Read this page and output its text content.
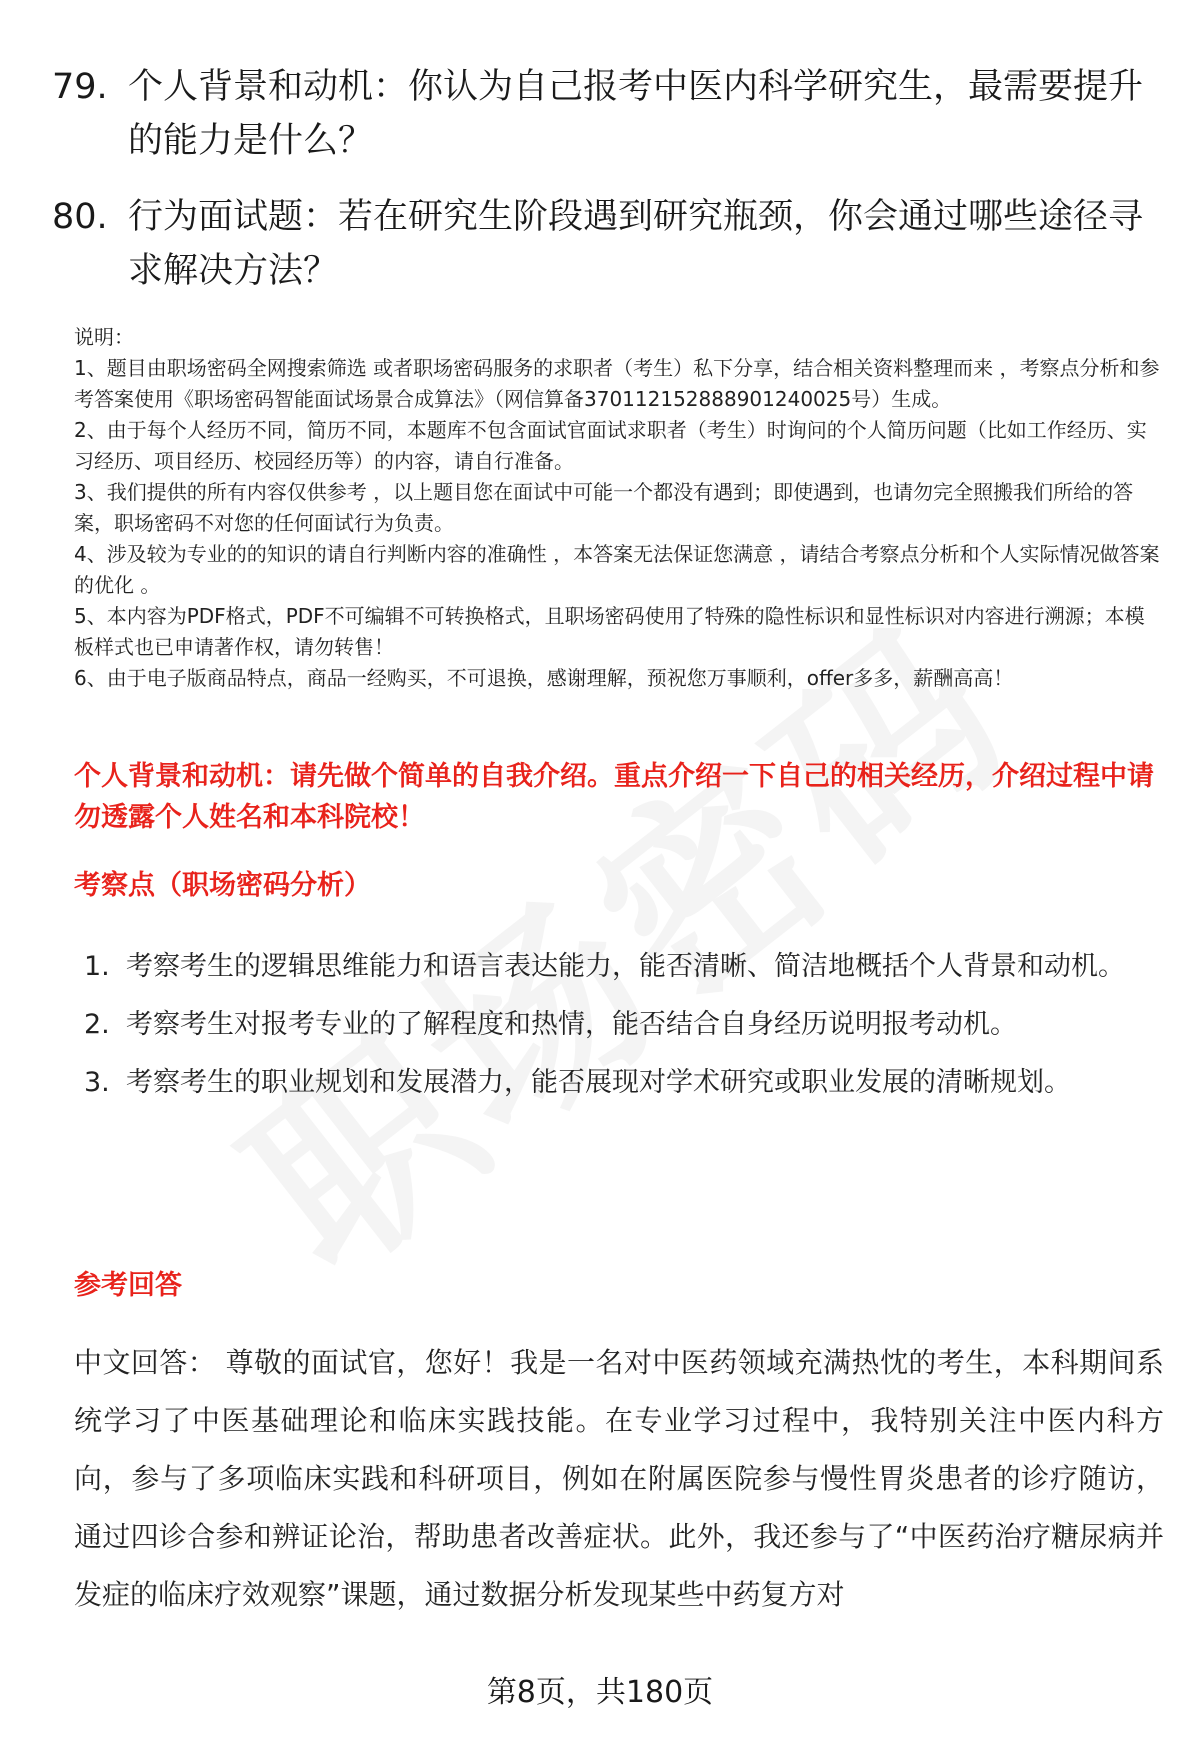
79. 个人背景和动机：你认为自己报考中医内科学研究生，最需要提升的能力是什么？
80. 行为面试题：若在研究生阶段遇到研究瓶颈，你会通过哪些途径寻求解决方法？

说明：

1、题目由职场密码全网搜索筛选 或者职场密码服务的求职者（考生）私下分享，结合相关资料整理而来 ，考察点分析和参考答案使用《职场密码智能面试场景合成算法》（网信算备370112152888901240025号）生成。

2、由于每个人经历不同，简历不同，本题库不包含面试官面试求职者（考生）时询问的个人简历问题（比如工作经历、实习经历、项目经历、校园经历等）的内容，请自行准备。

3、我们提供的所有内容仅供参考 ，以上题目您在面试中可能一个都没有遇到；即使遇到，也请勿完全照搬我们所给的答案，职场密码不对您的任何面试行为负责。

4、涉及较为专业的的知识的请自行判断内容的准确性 ，本答案无法保证您满意 ，请结合考察点分析和个人实际情况做答案的优化 。

5、本内容为PDF格式，PDF不可编辑不可转换格式，且职场密码使用了特殊的隐性标识和显性标识对内容进行溯源；本模板样式也已申请著作权，请勿转售！

6、由于电子版商品特点，商品一经购买，不可退换，感谢理解，预祝您万事顺利，offer多多，薪酬高高！

个人背景和动机：请先做个简单的自我介绍。重点介绍一下自己的相关经历，介绍过程中请勿透露个人姓名和本科院校！
考察点（职场密码分析）
1. 考察考生的逻辑思维能力和语言表达能力，能否清晰、简洁地概括个人背景和动机。
2. 考察考生对报考专业的了解程度和热情，能否结合自身经历说明报考动机。
3. 考察考生的职业规划和发展潜力，能否展现对学术研究或职业发展的清晰规划。
参考回答

中文回答： 尊敬的面试官，您好！我是一名对中医药领域充满热忱的考生，本科期间系统学习了中医基础理论和临床实践技能。在专业学习过程中，我特别关注中医内科方向，参与了多项临床实践和科研项目，例如在附属医院参与慢性胃炎患者的诊疗随访，通过四诊合参和辨证论治，帮助患者改善症状。此外，我还参与了“中医药治疗糖尿病并发症的临床疗效观察”课题，通过数据分析发现某些中药复方对

第8页，共180页
